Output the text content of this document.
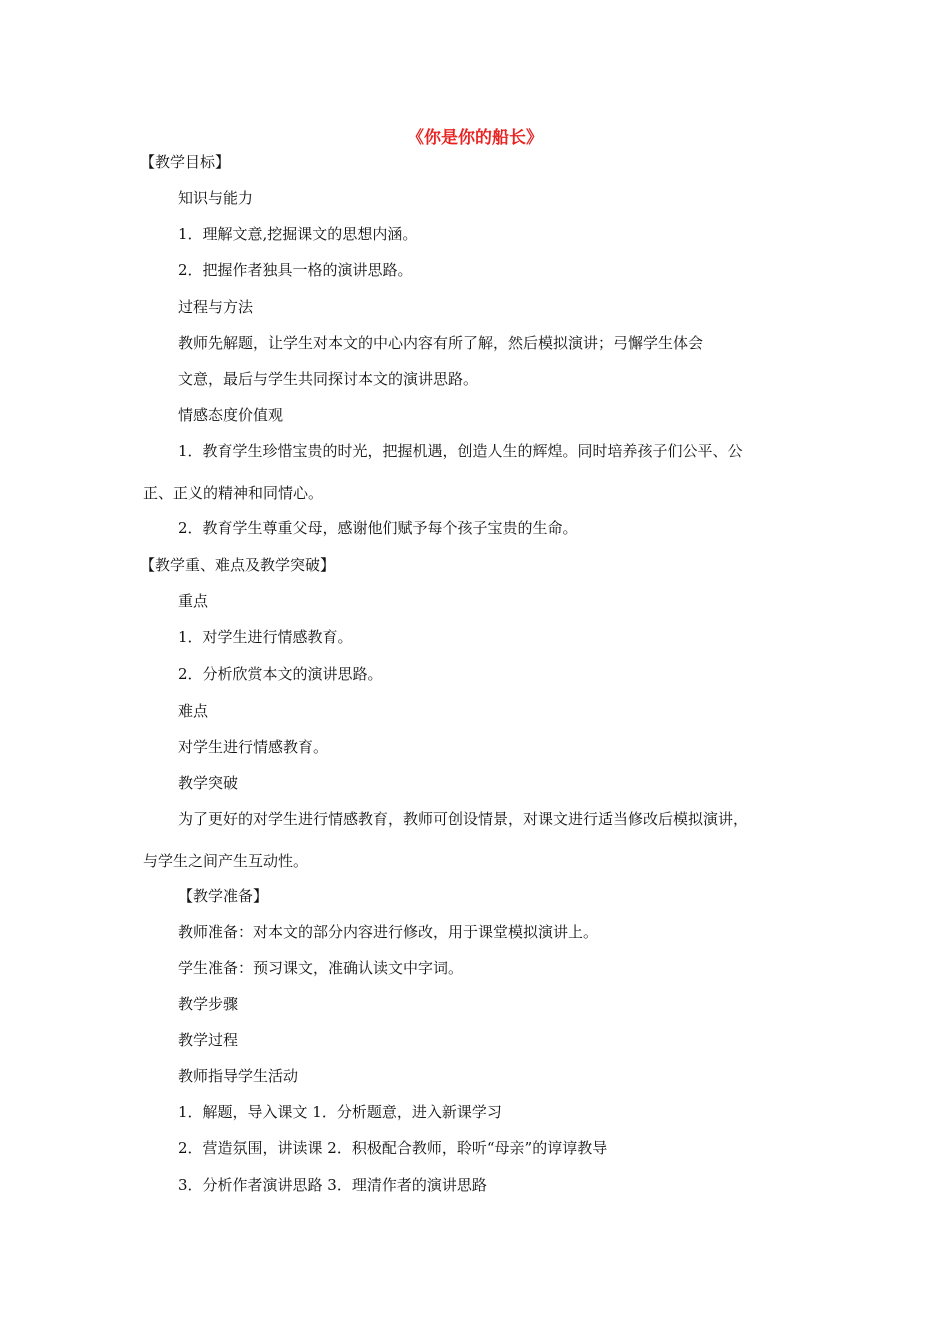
《你是你的船长》
【教学目标】
知识与能力
1．理解文意,挖掘课文的思想内涵。
2．把握作者独具一格的演讲思路。
过程与方法
教师先解题，让学生对本文的中心内容有所了解，然后模拟演讲；弓懈学生体会
文意，最后与学生共同探讨本文的演讲思路。
情感态度价值观
1．教育学生珍惜宝贵的时光，把握机遇，创造人生的辉煌。同时培养孩子们公平、公
正、正义的精神和同情心。
2．教育学生尊重父母，感谢他们赋予每个孩子宝贵的生命。
【教学重、难点及教学突破】
重点
1．对学生进行情感教育。
2．分析欣赏本文的演讲思路。
难点
对学生进行情感教育。
教学突破
为了更好的对学生进行情感教育，教师可创设情景，对课文进行适当修改后模拟演讲，
与学生之间产生互动性。
【教学准备】
教师准备：对本文的部分内容进行修改，用于课堂模拟演讲上。
学生准备：预习课文，准确认读文中字词。
教学步骤
教学过程
教师指导学生活动
1．解题，导入课文 1．分析题意，进入新课学习
2．营造氛围，讲读课 2．积极配合教师，聆听“母亲”的谆谆教导
3．分析作者演讲思路 3．理清作者的演讲思路
